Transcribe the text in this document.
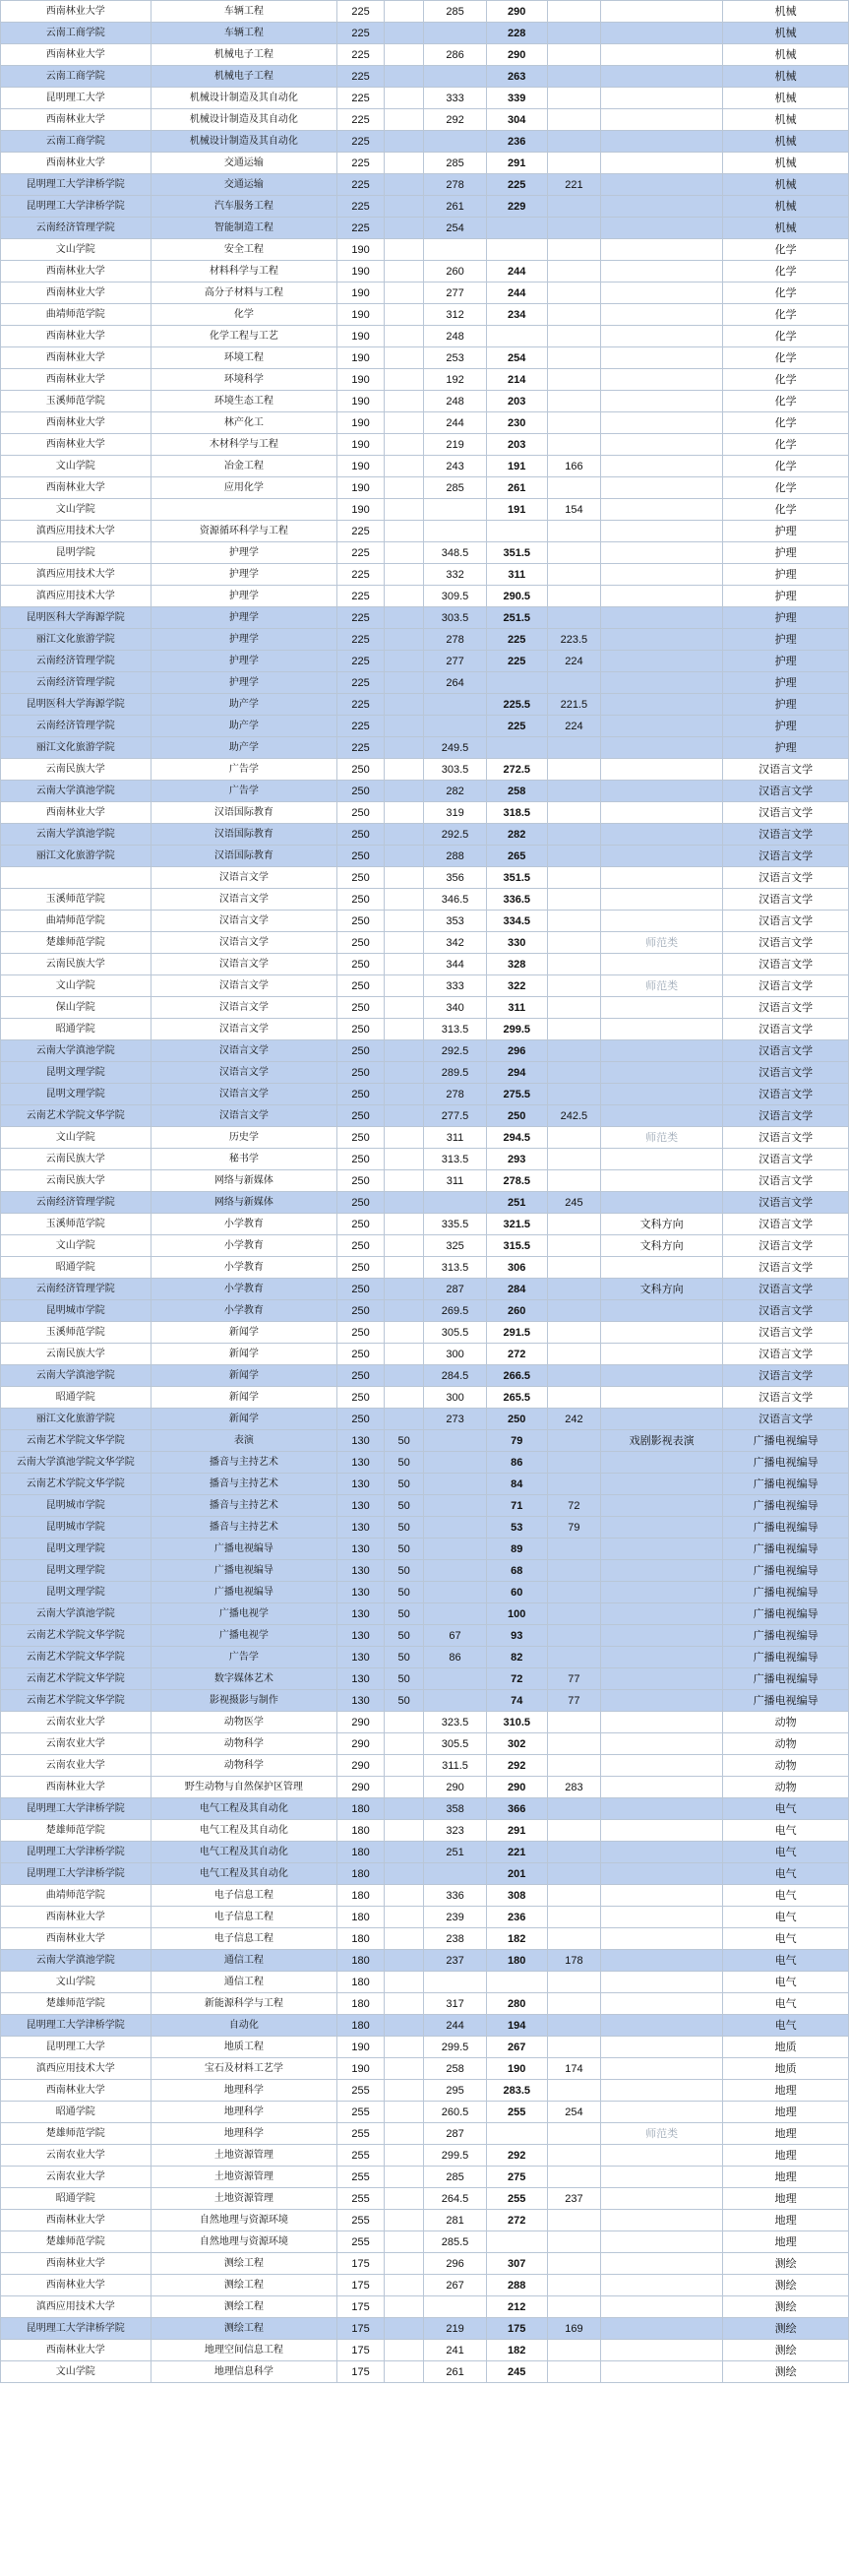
西南林业大学	车辆工程	225		285	290			机械
云南工商学院	车辆工程	225			228			机械
西南林业大学	机械电子工程	225		286	290			机械
云南工商学院	机械电子工程	225			263			机械
昆明理工大学	机械设计制造及其自动化	225		333	339			机械
西南林业大学	机械设计制造及其自动化	225		292	304			机械
云南工商学院	机械设计制造及其自动化	225			236			机械
西南林业大学	交通运输	225		285	291			机械
昆明理工大学津桥学院	交通运输	225		278	225	221		机械
昆明理工大学津桥学院	汽车服务工程	225		261	229			机械
云南经济管理学院	智能制造工程	225		254				机械
文山学院	安全工程	190						化学
西南林业大学	材料科学与工程	190		260	244			化学
西南林业大学	高分子材料与工程	190		277	244			化学
曲靖师范学院	化学	190		312	234			化学
西南林业大学	化学工程与工艺	190		248				化学
西南林业大学	环境工程	190		253	254			化学
西南林业大学	环境科学	190		192	214			化学
玉溪师范学院	环境生态工程	190		248	203			化学
西南林业大学	林产化工	190		244	230			化学
西南林业大学	木材科学与工程	190		219	203			化学
文山学院	冶金工程	190		243	191	166		化学
西南林业大学	应用化学	190		285	261			化学
文山学院		190			191	154		化学
滇西应用技术大学	资源循环科学与工程	225						护理
昆明学院	护理学	225		348.5	351.5			护理
滇西应用技术大学	护理学	225		332	311			护理
滇西应用技术大学	护理学	225		309.5	290.5			护理
昆明医科大学海源学院	护理学	225		303.5	251.5			护理
丽江文化旅游学院	护理学	225		278	225	223.5		护理
云南经济管理学院	护理学	225		277	225	224		护理
云南经济管理学院	护理学	225		264				护理
昆明医科大学海源学院	助产学	225			225.5	221.5		护理
云南经济管理学院	助产学	225			225	224		护理
丽江文化旅游学院	助产学	225		249.5				护理
云南民族大学	广告学	250		303.5	272.5			汉语言文学
云南大学滇池学院	广告学	250		282	258			汉语言文学
西南林业大学	汉语国际教育	250		319	318.5			汉语言文学
云南大学滇池学院	汉语国际教育	250		292.5	282			汉语言文学
丽江文化旅游学院	汉语国际教育	250		288	265			汉语言文学
	汉语言文学	250		356	351.5			汉语言文学
玉溪师范学院	汉语言文学	250		346.5	336.5			汉语言文学
曲靖师范学院	汉语言文学	250		353	334.5			汉语言文学
楚雄师范学院	汉语言文学	250		342	330		师范类	汉语言文学
云南民族大学	汉语言文学	250		344	328			汉语言文学
文山学院	汉语言文学	250		333	322		师范类	汉语言文学
保山学院	汉语言文学	250		340	311			汉语言文学
昭通学院	汉语言文学	250		313.5	299.5			汉语言文学
云南大学滇池学院	汉语言文学	250		292.5	296			汉语言文学
昆明文理学院	汉语言文学	250		289.5	294			汉语言文学
昆明文理学院	汉语言文学	250		278	275.5			汉语言文学
云南艺术学院文华学院	汉语言文学	250		277.5	250	242.5		汉语言文学
文山学院	历史学	250		311	294.5		师范类	汉语言文学
云南民族大学	秘书学	250		313.5	293			汉语言文学
云南民族大学	网络与新媒体	250		311	278.5			汉语言文学
云南经济管理学院	网络与新媒体	250			251	245		汉语言文学
玉溪师范学院	小学教育	250		335.5	321.5		文科方向	汉语言文学
文山学院	小学教育	250		325	315.5		文科方向	汉语言文学
昭通学院	小学教育	250		313.5	306			汉语言文学
云南经济管理学院	小学教育	250		287	284		文科方向	汉语言文学
昆明城市学院	小学教育	250		269.5	260			汉语言文学
玉溪师范学院	新闻学	250		305.5	291.5			汉语言文学
云南民族大学	新闻学	250		300	272			汉语言文学
云南大学滇池学院	新闻学	250		284.5	266.5			汉语言文学
昭通学院	新闻学	250		300	265.5			汉语言文学
丽江文化旅游学院	新闻学	250		273	250	242		汉语言文学
云南艺术学院文华学院	表演	130	50		79		戏剧影视表演	广播电视编导
云南大学滇池学院文华学院	播音与主持艺术	130	50		86			广播电视编导
云南艺术学院文华学院	播音与主持艺术	130	50		84			广播电视编导
昆明城市学院	播音与主持艺术	130	50		71	72		广播电视编导
昆明城市学院	播音与主持艺术	130	50		53	79		广播电视编导
昆明文理学院	广播电视编导	130	50		89			广播电视编导
昆明文理学院	广播电视编导	130	50		68			广播电视编导
昆明文理学院	广播电视编导	130	50		60			广播电视编导
云南大学滇池学院	广播电视学	130	50		100			广播电视编导
云南艺术学院文华学院	广播电视学	130	50	67	93			广播电视编导
云南艺术学院文华学院	广告学	130	50	86	82			广播电视编导
云南艺术学院文华学院	数字媒体艺术	130	50		72	77		广播电视编导
云南艺术学院文华学院	影视摄影与制作	130	50		74	77		广播电视编导
云南农业大学	动物医学	290		323.5	310.5			动物
云南农业大学	动物科学	290		305.5	302			动物
云南农业大学	动物科学	290		311.5	292			动物
西南林业大学	野生动物与自然保护区管理	290		290	290	283		动物
昆明理工大学津桥学院	电气工程及其自动化	180		358	366			电气
楚雄师范学院	电气工程及其自动化	180		323	291			电气
昆明理工大学津桥学院	电气工程及其自动化	180		251	221			电气
昆明理工大学津桥学院	电气工程及其自动化	180			201			电气
曲靖师范学院	电子信息工程	180		336	308			电气
西南林业大学	电子信息工程	180		239	236			电气
西南林业大学	电子信息工程	180		238	182			电气
云南大学滇池学院	通信工程	180		237	180	178		电气
文山学院	通信工程	180						电气
楚雄师范学院	新能源科学与工程	180		317	280			电气
昆明理工大学津桥学院	自动化	180		244	194			电气
昆明理工大学	地质工程	190		299.5	267			地质
滇西应用技术大学	宝石及材料工艺学	190		258	190	174		地质
西南林业大学	地理科学	255		295	283.5			地理
昭通学院	地理科学	255		260.5	255	254		地理
楚雄师范学院	地理科学	255		287			师范类	地理
云南农业大学	土地资源管理	255		299.5	292			地理
云南农业大学	土地资源管理	255		285	275			地理
昭通学院	土地资源管理	255		264.5	255	237		地理
西南林业大学	自然地理与资源环境	255		281	272			地理
楚雄师范学院	自然地理与资源环境	255		285.5				地理
西南林业大学	测绘工程	175		296	307			测绘
西南林业大学	测绘工程	175		267	288			测绘
滇西应用技术大学	测绘工程	175			212			测绘
昆明理工大学津桥学院	测绘工程	175		219	175	169		测绘
西南林业大学	地理空间信息工程	175		241	182			测绘
文山学院	地理信息科学	175		261	245			测绘
